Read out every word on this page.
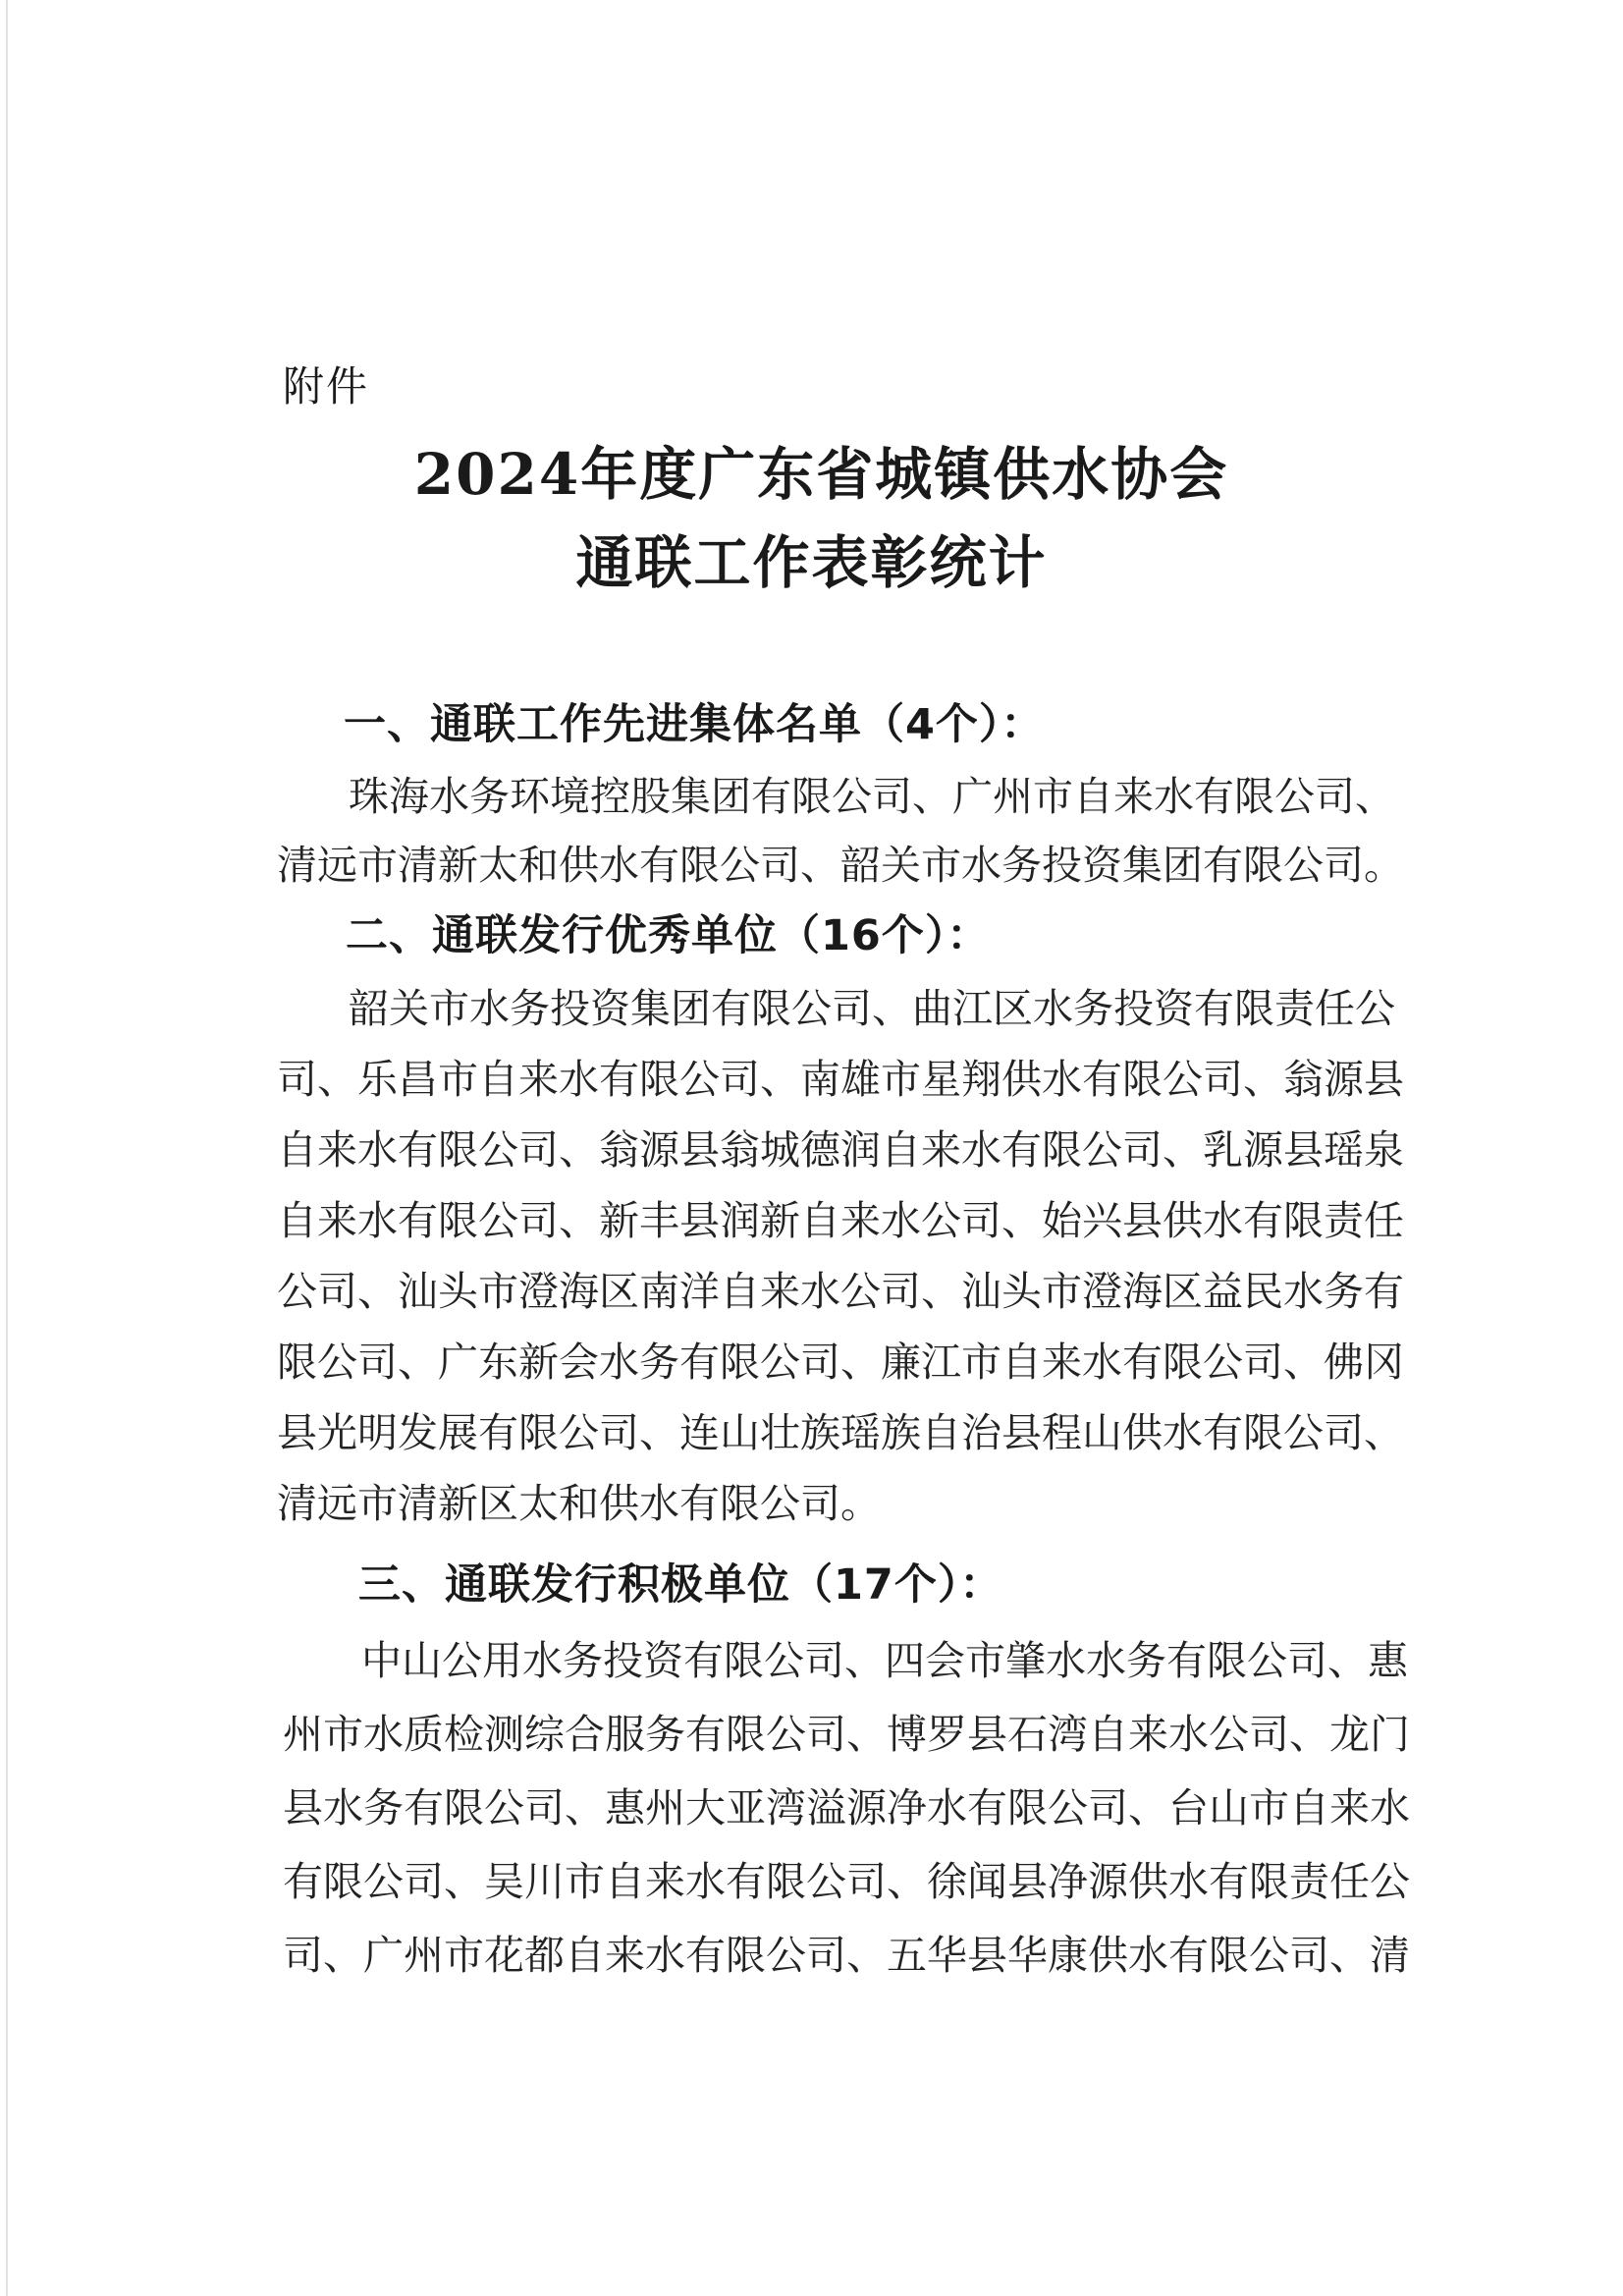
附件
2024年度广东省城镇供水协会
通联工作表彰统计
一、通联工作先进集体名单（4个）：
珠海水务环境控股集团有限公司、广州市自来水有限公司、
清远市清新太和供水有限公司、韶关市水务投资集团有限公司。
二、通联发行优秀单位（16个）：
韶关市水务投资集团有限公司、曲江区水务投资有限责任公
司、乐昌市自来水有限公司、南雄市星翔供水有限公司、翁源县
自来水有限公司、翁源县翁城德润自来水有限公司、乳源县瑶泉
自来水有限公司、新丰县润新自来水公司、始兴县供水有限责任
公司、汕头市澄海区南洋自来水公司、汕头市澄海区益民水务有
限公司、广东新会水务有限公司、廉江市自来水有限公司、佛冈
县光明发展有限公司、连山壮族瑶族自治县程山供水有限公司、
清远市清新区太和供水有限公司。
三、通联发行积极单位（17个）：
中山公用水务投资有限公司、四会市肇水水务有限公司、惠
州市水质检测综合服务有限公司、博罗县石湾自来水公司、龙门
县水务有限公司、惠州大亚湾溢源净水有限公司、台山市自来水
有限公司、吴川市自来水有限公司、徐闻县净源供水有限责任公
司、广州市花都自来水有限公司、五华县华康供水有限公司、清
